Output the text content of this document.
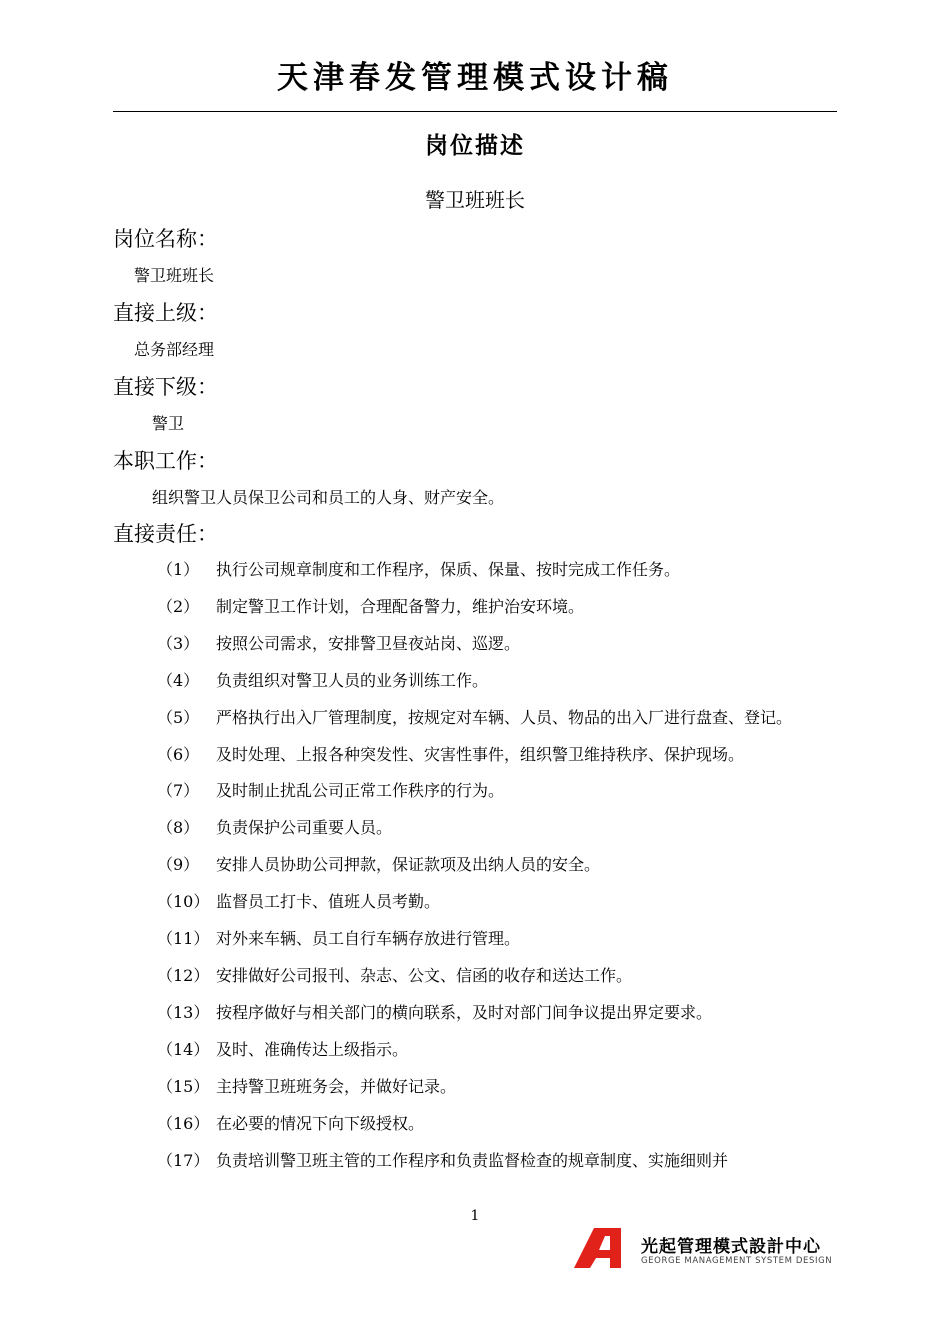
天津春发管理模式设计稿
岗位描述
警卫班班长
岗位名称：
警卫班班长
直接上级：
总务部经理
直接下级：
警卫
本职工作：
组织警卫人员保卫公司和员工的人身、财产安全。
直接责任：
（1）	执行公司规章制度和工作程序，保质、保量、按时完成工作任务。
（2）	制定警卫工作计划，合理配备警力，维护治安环境。
（3）	按照公司需求，安排警卫昼夜站岗、巡逻。
（4）	负责组织对警卫人员的业务训练工作。
（5）	严格执行出入厂管理制度，按规定对车辆、人员、物品的出入厂进行盘查、登记。
（6）	及时处理、上报各种突发性、灾害性事件，组织警卫维持秩序、保护现场。
（7）	及时制止扰乱公司正常工作秩序的行为。
（8）	负责保护公司重要人员。
（9）	安排人员协助公司押款，保证款项及出纳人员的安全。
（10） 监督员工打卡、值班人员考勤。
（11） 对外来车辆、员工自行车辆存放进行管理。
（12） 安排做好公司报刊、杂志、公文、信函的收存和送达工作。
（13） 按程序做好与相关部门的横向联系，及时对部门间争议提出界定要求。
（14） 及时、准确传达上级指示。
（15） 主持警卫班班务会，并做好记录。
（16） 在必要的情况下向下级授权。
（17） 负责培训警卫班主管的工作程序和负责监督检查的规章制度、实施细则并
1
光起管理模式設計中心
GEORGE MANAGEMENT SYSTEM DESIGN
